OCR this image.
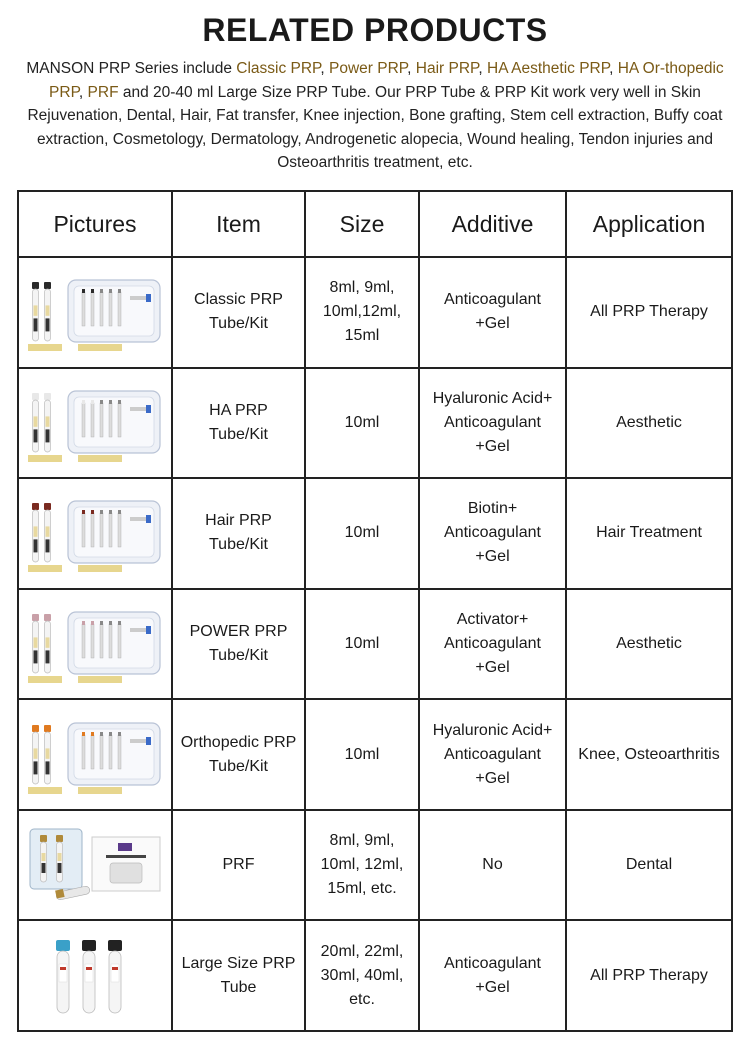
RELATED PRODUCTS
MANSON PRP Series include Classic PRP, Power PRP, Hair PRP, HA Aesthetic PRP, HA Or-thopedic PRP, PRF and 20-40 ml Large Size PRP Tube. Our PRP Tube & PRP Kit work very well in Skin Rejuvenation, Dental, Hair, Fat transfer, Knee injection, Bone grafting, Stem cell extraction, Buffy coat extraction, Cosmetology, Dermatology, Androgenetic alopecia, Wound healing, Tendon injuries and Osteoarthritis treatment, etc.
Pictures	Item	Size	Additive	Application

	Classic PRP Tube/Kit	8ml, 9ml, 10ml,12ml, 15ml	Anticoagulant +Gel	All PRP Therapy

	HA PRP Tube/Kit	10ml	Hyaluronic Acid+ Anticoagulant +Gel	Aesthetic

	Hair PRP Tube/Kit	10ml	Biotin+ Anticoagulant +Gel	Hair Treatment

	POWER PRP Tube/Kit	10ml	Activator+ Anticoagulant +Gel	Aesthetic

	Orthopedic PRP Tube/Kit	10ml	Hyaluronic Acid+ Anticoagulant +Gel	Knee, Osteoarthritis

	PRF	8ml, 9ml, 10ml, 12ml, 15ml, etc.	No	Dental

	Large Size PRP Tube	20ml, 22ml, 30ml, 40ml, etc.	Anticoagulant +Gel	All PRP Therapy
